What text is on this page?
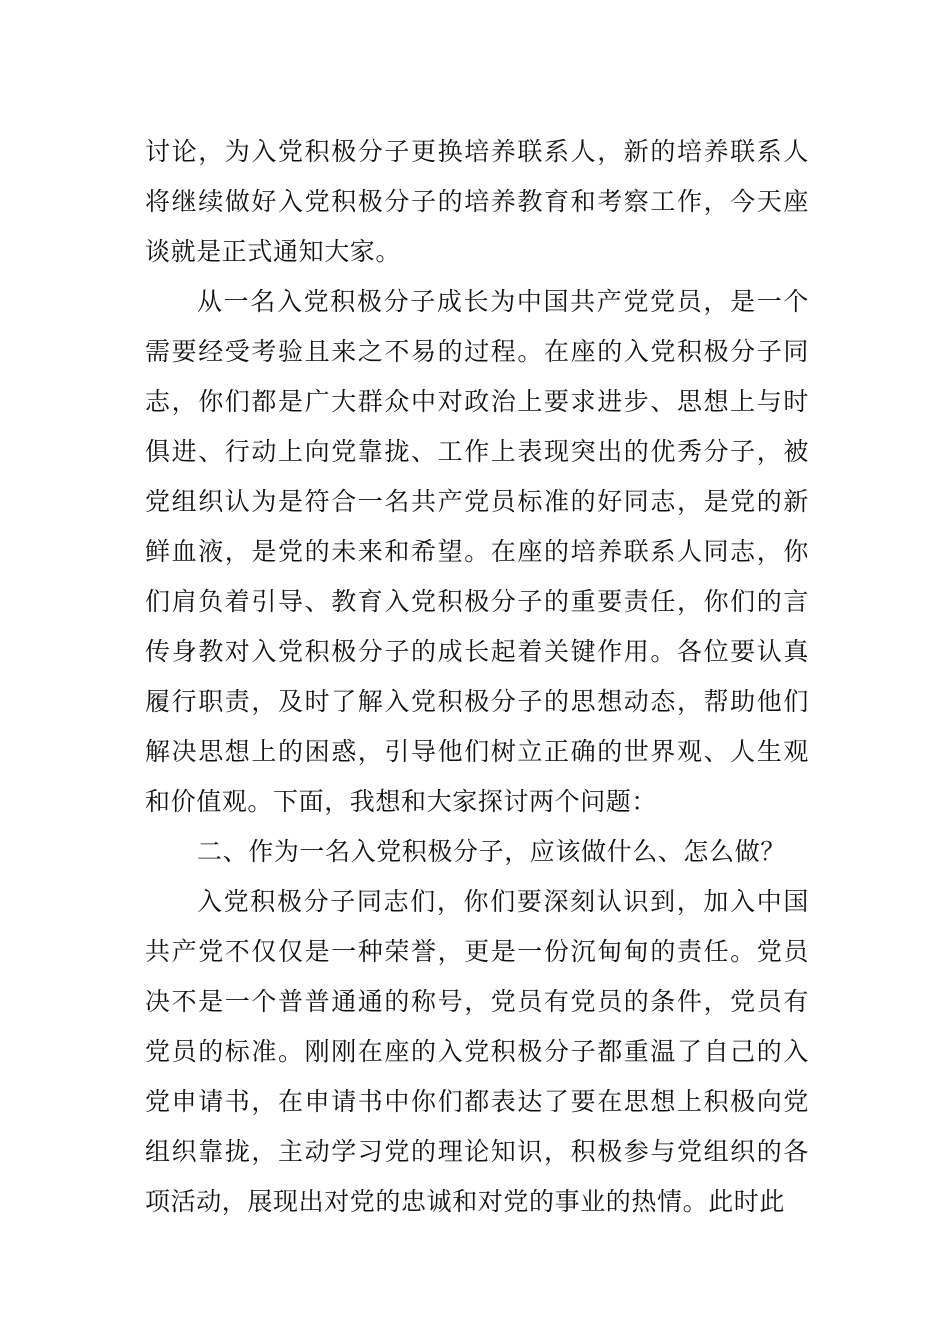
讨论，为入党积极分子更换培养联系人，新的培养联系人将继续做好入党积极分子的培养教育和考察工作，今天座谈就是正式通知大家。

从一名入党积极分子成长为中国共产党党员，是一个需要经受考验且来之不易的过程。在座的入党积极分子同志，你们都是广大群众中对政治上要求进步、思想上与时俱进、行动上向党靠拢、工作上表现突出的优秀分子，被党组织认为是符合一名共产党员标准的好同志，是党的新鲜血液，是党的未来和希望。在座的培养联系人同志，你们肩负着引导、教育入党积极分子的重要责任，你们的言传身教对入党积极分子的成长起着关键作用。各位要认真履行职责，及时了解入党积极分子的思想动态，帮助他们解决思想上的困惑，引导他们树立正确的世界观、人生观和价值观。下面，我想和大家探讨两个问题：

二、作为一名入党积极分子，应该做什么、怎么做？

入党积极分子同志们，你们要深刻认识到，加入中国共产党不仅仅是一种荣誉，更是一份沉甸甸的责任。党员决不是一个普普通通的称号，党员有党员的条件，党员有党员的标准。刚刚在座的入党积极分子都重温了自己的入党申请书，在申请书中你们都表达了要在思想上积极向党组织靠拢，主动学习党的理论知识，积极参与党组织的各项活动，展现出对党的忠诚和对党的事业的热情。此时此
